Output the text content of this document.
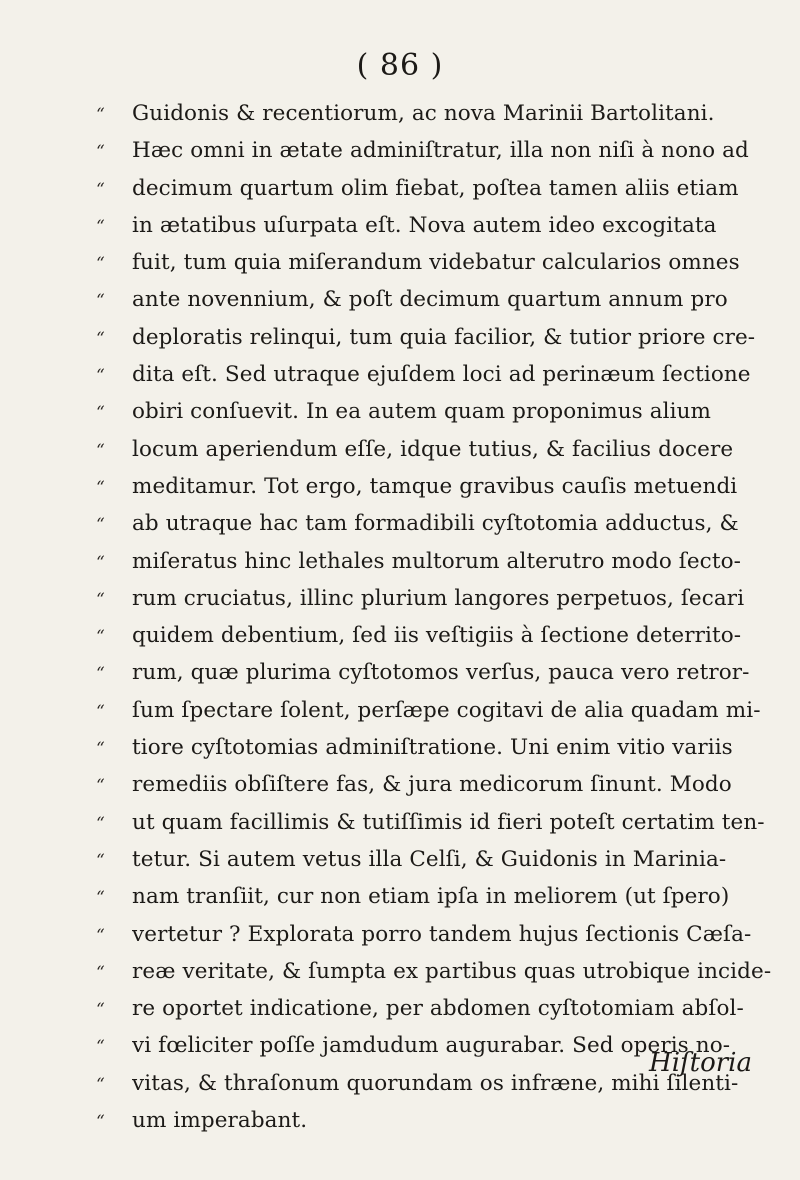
( 86 )
“	Guidonis & recentiorum, ac nova Marinii Bartolitani.
“	Hæc omni in ætate adminiſtratur, illa non niſi à nono ad
“	decimum quartum olim fiebat, poſtea tamen aliis etiam
“	in ætatibus uſurpata eſt. Nova autem ideo excogitata
“	fuit, tum quia miſerandum videbatur calcularios omnes
“	ante novennium, & poſt decimum quartum annum pro
“	deploratis relinqui, tum quia facilior, & tutior priore cre-
“	dita eſt. Sed utraque ejuſdem loci ad perinæum ſectione
“	obiri conſuevit. In ea autem quam proponimus alium
“	locum aperiendum eſſe, idque tutius, & facilius docere
“	meditamur. Tot ergo, tamque gravibus cauſis metuendi
“	ab utraque hac tam formadibili cyſtotomia adductus, &
“	miſeratus hinc lethales multorum alterutro modo ſecto-
“	rum cruciatus, illinc plurium langores perpetuos, ſecari
“	quidem debentium, ſed iis veſtigiis à ſectione deterrito-
“	rum, quæ plurima cyſtotomos verſus, pauca vero retror-
“	ſum ſpectare ſolent, perſæpe cogitavi de alia quadam mi-
“	tiore cyſtotomias adminiſtratione. Uni enim vitio variis
“	remediis obſiſtere fas, & jura medicorum ſinunt. Modo
“	ut quam facillimis & tutiſſimis id fieri poteſt certatim ten-
“	tetur. Si autem vetus illa Celſi, & Guidonis in Marinia-
“	nam tranſiit, cur non etiam ipſa in meliorem (ut ſpero)
“	vertetur ? Explorata porro tandem hujus ſectionis Cæſa-
“	reæ veritate, & ſumpta ex partibus quas utrobique incide-
“	re oportet indicatione, per abdomen cyſtotomiam abſol-
“	vi fœliciter poſſe jamdudum augurabar. Sed operis no-
“	vitas, & thraſonum quorundam os infræne, mihi ſilenti-
“	um imperabant.
Hiſtoria
